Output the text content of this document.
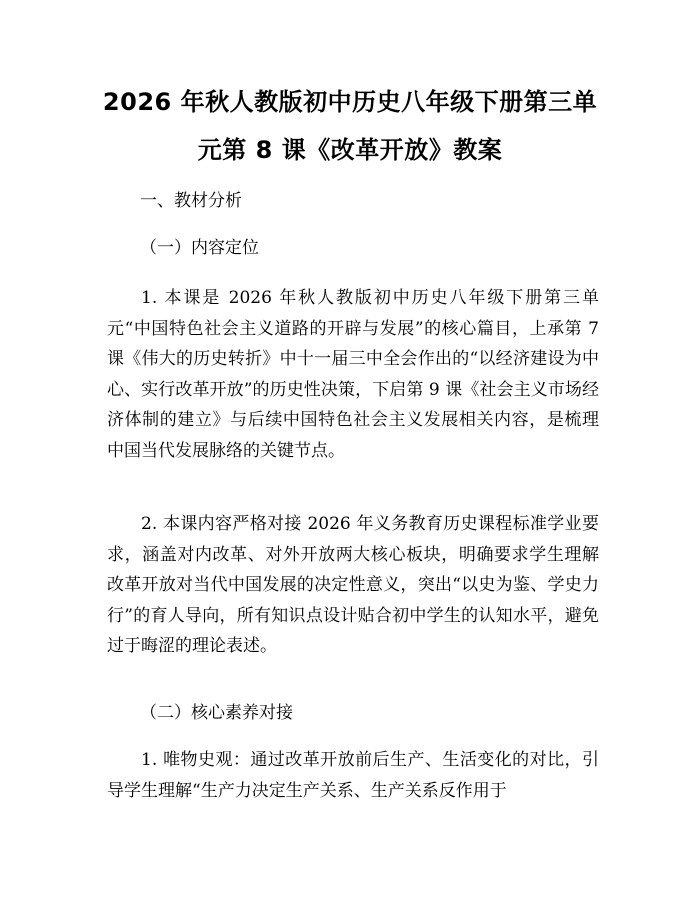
2026 年秋人教版初中历史八年级下册第三单
元第 8 课《改革开放》教案
一、教材分析
（一）内容定位
1. 本课是 2026 年秋人教版初中历史八年级下册第三单元“中国特色社会主义道路的开辟与发展”的核心篇目，上承第 7 课《伟大的历史转折》中十一届三中全会作出的“以经济建设为中心、实行改革开放”的历史性决策，下启第 9 课《社会主义市场经济体制的建立》与后续中国特色社会主义发展相关内容，是梳理中国当代发展脉络的关键节点。
2. 本课内容严格对接 2026 年义务教育历史课程标准学业要求，涵盖对内改革、对外开放两大核心板块，明确要求学生理解改革开放对当代中国发展的决定性意义，突出“以史为鉴、学史力行”的育人导向，所有知识点设计贴合初中学生的认知水平，避免过于晦涩的理论表述。
（二）核心素养对接
1. 唯物史观：通过改革开放前后生产、生活变化的对比，引导学生理解“生产力决定生产关系、生产关系反作用于
